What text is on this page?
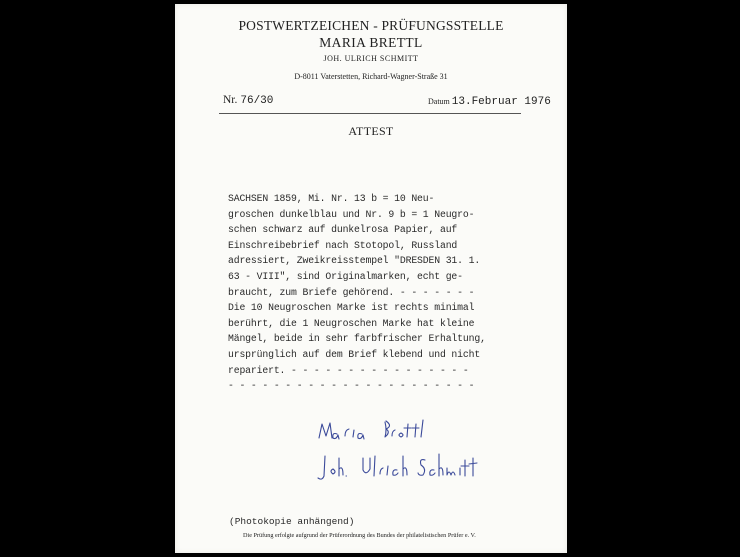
POSTWERTZEICHEN - PRÜFUNGSSTELLE
MARIA BRETTL
JOH. ULRICH SCHMITT
D-8011 Vaterstetten, Richard-Wagner-Straße 31
Nr. 76/30	Datum 13.Februar 1976
ATTEST
SACHSEN 1859, Mi. Nr. 13 b = 10 Neu-
groschen dunkelblau und Nr. 9 b = 1 Neugro-
schen schwarz auf dunkelrosa Papier, auf
Einschreibebrief nach Stotopol, Russland
adressiert, Zweikreisstempel "DRESDEN 31. 1.
63 - VIII", sind Originalmarken, echt ge-
braucht, zum Briefe gehörend. - - - - - - -
Die 10 Neugroschen Marke ist rechts minimal
berührt, die 1 Neugroschen Marke hat kleine
Mängel, beide in sehr farbfrischer Erhaltung,
ursprünglich auf dem Brief klebend und nicht
repariert. - - - - - - - - - - - - - - - -
- - - - - - - - - - - - - - - - - - - - - -
(Photokopie anhängend)
Die Prüfung erfolgte aufgrund der Prüferordnung des Bundes der philatelistischen Prüfer e. V.
